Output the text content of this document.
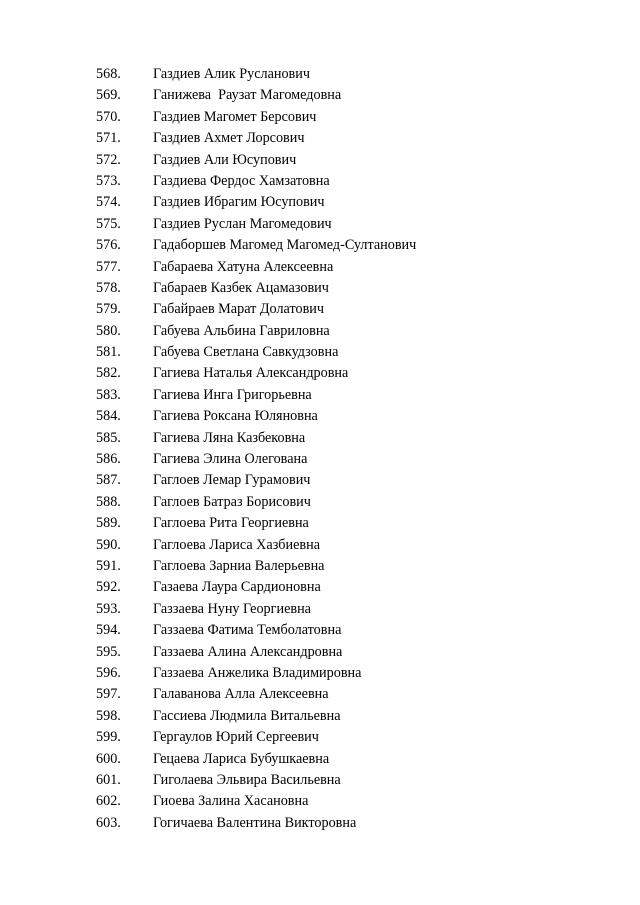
568. Газдиев Алик Русланович
569. Ганижева  Раузат Магомедовна
570. Газдиев Магомет Берсович
571. Газдиев Ахмет Лорсович
572. Газдиев Али Юсупович
573. Газдиева Фердос Хамзатовна
574. Газдиев Ибрагим Юсупович
575. Газдиев Руслан Магомедович
576. Гадаборшев Магомед Магомед-Султанович
577. Габараева Хатуна Алексеевна
578. Габараев Казбек Ацамазович
579. Габайраев Марат Долатович
580. Габуева Альбина Гавриловна
581. Габуева Светлана Савкудзовна
582. Гагиева Наталья Александровна
583. Гагиева Инга Григорьевна
584. Гагиева Роксана Юляновна
585. Гагиева Ляна Казбековна
586. Гагиева Элина Олегована
587. Гаглоев Лемар Гурамович
588. Гаглоев Батраз Борисович
589. Гаглоева Рита Георгиевна
590. Гаглоева Лариса Хазбиевна
591. Гаглоева Зарниа Валерьевна
592. Газаева Лаура Сардионовна
593. Газзаева Нуну Георгиевна
594. Газзаева Фатима Темболатовна
595. Газзаева Алина Александровна
596. Газзаева Анжелика Владимировна
597. Галаванова Алла Алексеевна
598. Гассиева Людмила Витальевна
599. Гергаулов Юрий Сергеевич
600. Гецаева Лариса Бубушкаевна
601. Гиголаева Эльвира Васильевна
602. Гиоева Залина Хасановна
603. Гогичаева Валентина Викторовна
